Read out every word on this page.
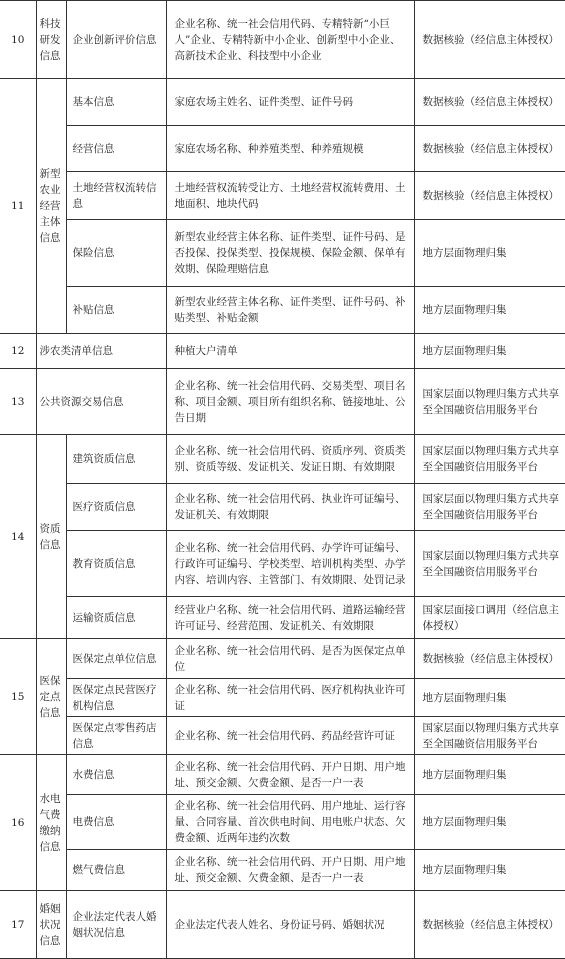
10	科技研发信息	企业创新评价信息	企业名称、统一社会信用代码、专精特新“小巨人”企业、专精特新中小企业、创新型中小企业、高新技术企业、科技型中小企业	数据核验（经信息主体授权）
11	新型农业经营主体信息	基本信息	家庭农场主姓名、证件类型、证件号码	数据核验（经信息主体授权）
		经营信息	家庭农场名称、种养殖类型、种养殖规模	数据核验（经信息主体授权）
		土地经营权流转信息	土地经营权流转受让方、土地经营权流转费用、土地面积、地块代码	数据核验（经信息主体授权）
		保险信息	新型农业经营主体名称、证件类型、证件号码、是否投保、投保类型、投保规模、保险金额、保单有效期、保险理赔信息	地方层面物理归集
		补贴信息	新型农业经营主体名称、证件类型、证件号码、补贴类型、补贴金额	地方层面物理归集
12	涉农类清单信息		种植大户清单	地方层面物理归集
13	公共资源交易信息		企业名称、统一社会信用代码、交易类型、项目名称、项目金额、项目所有组织名称、链接地址、公告日期	国家层面以物理归集方式共享至全国融资信用服务平台
14	资质信息	建筑资质信息	企业名称、统一社会信用代码、资质序列、资质类别、资质等级、发证机关、发证日期、有效期限	国家层面以物理归集方式共享至全国融资信用服务平台
		医疗资质信息	企业名称、统一社会信用代码、执业许可证编号、发证机关、有效期限	国家层面以物理归集方式共享至全国融资信用服务平台
		教育资质信息	企业名称、统一社会信用代码、办学许可证编号、行政许可证编号、学校类型、培训机构类型、办学内容、培训内容、主管部门、有效期限、处罚记录	国家层面以物理归集方式共享至全国融资信用服务平台
		运输资质信息	经营业户名称、统一社会信用代码、道路运输经营许可证号、经营范围、发证机关、有效期限	国家层面接口调用（经信息主体授权）
15	医保定点信息	医保定点单位信息	企业名称、统一社会信用代码、是否为医保定点单位	数据核验（经信息主体授权）
		医保定点民营医疗机构信息	企业名称、统一社会信用代码、医疗机构执业许可证	地方层面物理归集
		医保定点零售药店信息	企业名称、统一社会信用代码、药品经营许可证	国家层面以物理归集方式共享至全国融资信用服务平台
16	水电气费缴纳信息	水费信息	企业名称、统一社会信用代码、开户日期、用户地址、预交金额、欠费金额、是否一户一表	地方层面物理归集
		电费信息	企业名称、统一社会信用代码、用户地址、运行容量、合同容量、首次供电时间、用电账户状态、欠费金额、近两年违约次数	地方层面物理归集
		燃气费信息	企业名称、统一社会信用代码、开户日期、用户地址、预交金额、欠费金额、是否一户一表	地方层面物理归集
17	婚姻状况信息	企业法定代表人婚姻状况信息	企业法定代表人姓名、身份证号码、婚姻状况	数据核验（经信息主体授权）
